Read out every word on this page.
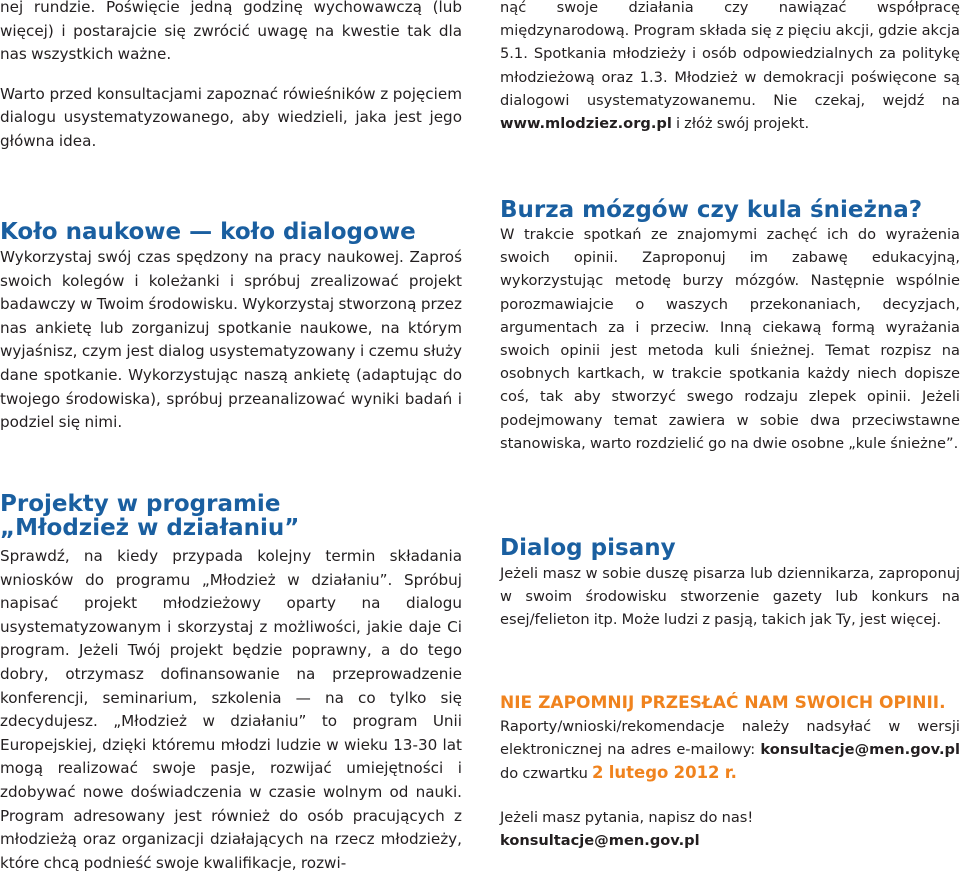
nej rundzie. Poświęcie jedną godzinę wychowawczą (lub więcej) i postarajcie się zwrócić uwagę na kwestie tak dla nas wszystkich ważne.

Warto przed konsultacjami zapoznać rówieśników z pojęciem dialogu usystematyzowanego, aby wiedzieli, jaka jest jego główna idea.

Koło naukowe — koło dialogowe

Wykorzystaj swój czas spędzony na pracy naukowej. Zaproś swoich kolegów i koleżanki i spróbuj zrealizować projekt badawczy w Twoim środowisku. Wykorzystaj stworzoną przez nas ankietę lub zorganizuj spotkanie naukowe, na którym wyjaśnisz, czym jest dialog usystematyzowany i czemu służy dane spotkanie. Wykorzystując naszą ankietę (adaptując do twojego środowiska), spróbuj przeanalizować wyniki badań i podziel się nimi.

Projekty w programie
„Młodzież w działaniu”

Sprawdź, na kiedy przypada kolejny termin składania wniosków do programu „Młodzież w działaniu”. Spróbuj napisać projekt młodzieżowy oparty na dialogu usystematyzowanym i skorzystaj z możliwości, jakie daje Ci program. Jeżeli Twój projekt będzie poprawny, a do tego dobry, otrzymasz dofinansowanie na przeprowadzenie konferencji, seminarium, szkolenia — na co tylko się zdecydujesz. „Młodzież w działaniu” to program Unii Europejskiej, dzięki któremu młodzi ludzie w wieku 13-30 lat mogą realizować swoje pasje, rozwijać umiejętności i zdobywać nowe doświadczenia w czasie wolnym od nauki. Program adresowany jest również do osób pracujących z młodzieżą oraz organizacji działających na rzecz młodzieży, które chcą podnieść swoje kwalifikacje, rozwi-

nąć swoje działania czy nawiązać współpracę międzynarodową. Program składa się z pięciu akcji, gdzie akcja 5.1. Spotkania młodzieży i osób odpowiedzialnych za politykę młodzieżową oraz 1.3. Młodzież w demokracji poświęcone są dialogowi usystematyzowanemu. Nie czekaj, wejdź na www.mlodziez.org.pl i złóż swój projekt.

Burza mózgów czy kula śnieżna?

W trakcie spotkań ze znajomymi zachęć ich do wyrażenia swoich opinii. Zaproponuj im zabawę edukacyjną, wykorzystując metodę burzy mózgów. Następnie wspólnie porozmawiajcie o waszych przekonaniach, decyzjach, argumentach za i przeciw. Inną ciekawą formą wyrażania swoich opinii jest metoda kuli śnieżnej. Temat rozpisz na osobnych kartkach, w trakcie spotkania każdy niech dopisze coś, tak aby stworzyć swego rodzaju zlepek opinii. Jeżeli podejmowany temat zawiera w sobie dwa przeciwstawne stanowiska, warto rozdzielić go na dwie osobne „kule śnieżne”.

Dialog pisany

Jeżeli masz w sobie duszę pisarza lub dziennikarza, zaproponuj w swoim środowisku stworzenie gazety lub konkurs na esej/felieton itp. Może ludzi z pasją, takich jak Ty, jest więcej.

NIE ZAPOMNIJ PRZESŁAĆ NAM SWOICH OPINII.

Raporty/wnioski/rekomendacje należy nadsyłać w wersji elektronicznej na adres e-mailowy: konsultacje@men.gov.pl do czwartku 2 lutego 2012 r.

Jeżeli masz pytania, napisz do nas!

konsultacje@men.gov.pl
